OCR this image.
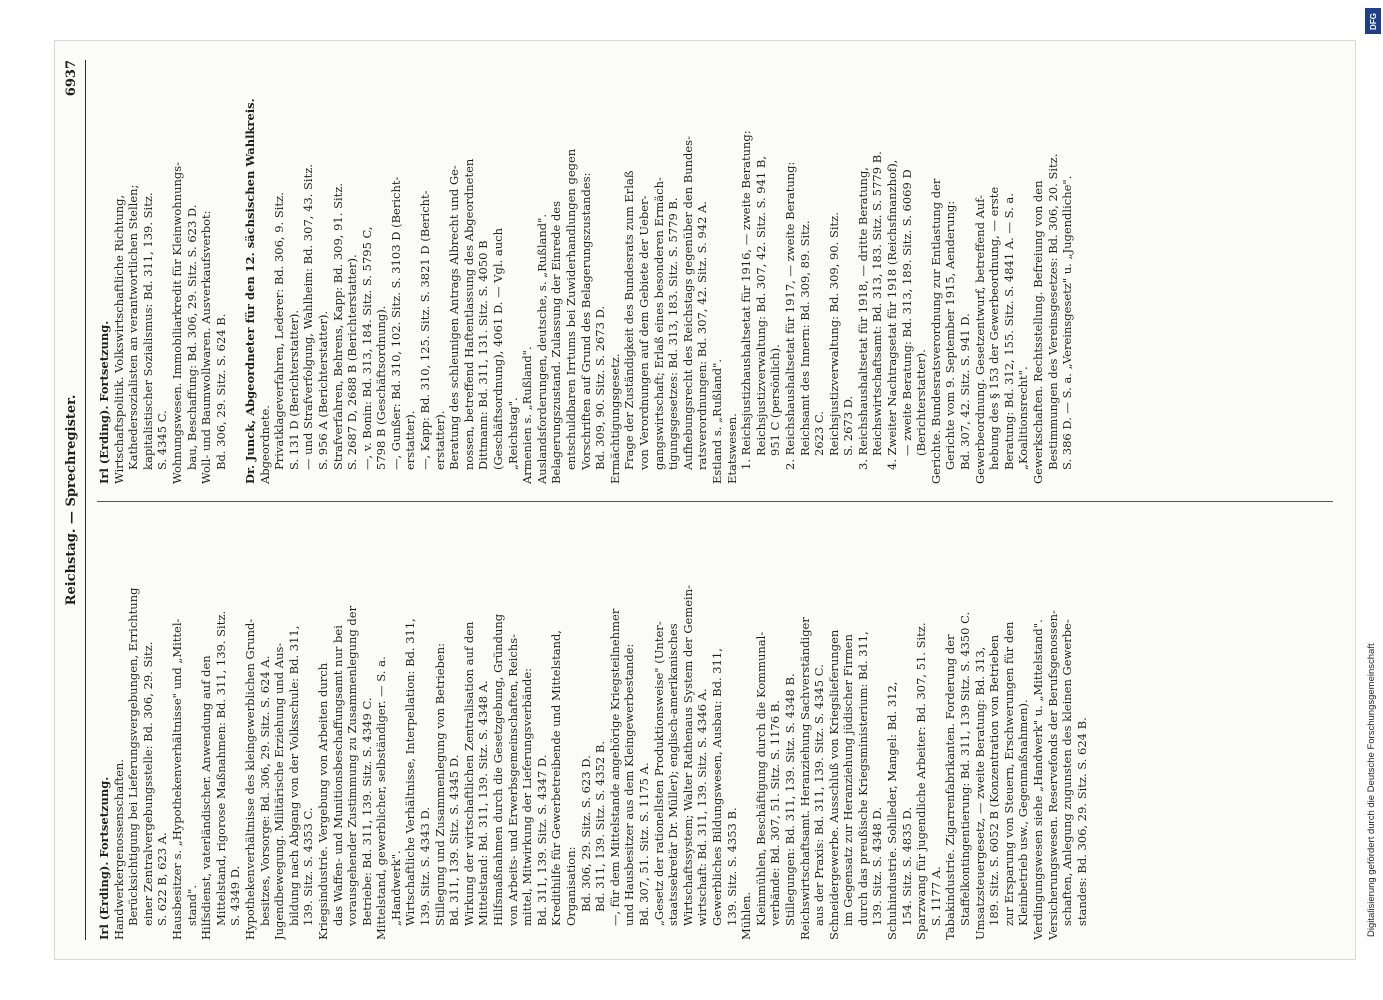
Reichstag. — Sprechregister.
6937
Irl (Erding). Fortsetzung. Handwerkergenossenschaften. Berücksichtigung bei Lieferungsvergebungen, Errichtung einer Zentralvergebungsstelle: Bd. 306, 29. Sitz. S. 622 B, 623 A. Hausbesitzer s. „Hypothekenverhältnisse" und „Mittel- stand". Hilfsdienst, vaterländischer. Anwendung auf den Mittelstand, rigorose Maßnahmen: Bd. 311, 139. Sitz. S. 4349 D. Hypothekenverhältnisse des kleingewerblichen Grund- besitzes, Vorsorge: Bd. 306, 29. Sitz. S. 624 A. Jugendbewegung. Militärische Erziehung und Aus- bildung nach Abgang von der Volksschule: Bd. 311, 139. Sitz. S. 4353 C. Kriegsindustrie. Vergebung von Arbeiten durch das Waffen- und Munitionsbeschaffungsamt nur bei vorausgehender Zustimmung zu Zusammenlegung der Betriebe: Bd. 311, 139. Sitz. S. 4349 C. Mittelstand, gewerblicher, selbständiger. — S. a. „Handwerk". Wirtschaftliche Verhältnisse, Interpellation: Bd. 311, 139. Sitz. S. 4343 D. Stillegung und Zusammenlegung von Betrieben: Bd. 311, 139. Sitz. S. 4345 D. Wirkung der wirtschaftlichen Zentralisation auf den Mittelstand: Bd. 311, 139. Sitz. S. 4348 A. Hilfsmaßnahmen durch die Gesetzgebung, Gründung von Arbeits- und Erwerbsgemeinschaften, Reichs- mittel, Mitwirkung der Lieferungsverbände: Bd. 311, 139. Sitz. S. 4347 D. Kredithilfe für Gewerbetreibende und Mittelstand, Organisation: Bd. 306, 29. Sitz. S. 623 D. Bd. 311, 139. Sitz. S. 4352 B. —, für dem Mittelstande angehörige Kriegsteilnehmer und Hausbesitzer aus dem Kleingewerbestande: Bd. 307, 51. Sitz. S. 1175 A. „Gesetz der rationellsten Produktionsweise" (Unter- staatssekretär Dr. Müller); englisch-amerikanisches Wirtschaftssystem; Walter Rathenaus System der Gemein- wirtschaft: Bd. 311, 139. Sitz. S. 4346 A. Gewerbliches Bildungswesen, Ausbau: Bd. 311, 139. Sitz. S. 4353 B. Mühlen. Kleinmühlen, Beschäftigung durch die Kommunal- verbände: Bd. 307, 51. Sitz. S. 1176 B. Stillegungen: Bd. 311, 139. Sitz. S. 4348 B. Reichswirtschaftsamt. Heranziehung Sachverständiger aus der Praxis: Bd. 311, 139. Sitz. S. 4345 C. Schneidergewerbe. Ausschluß von Kriegslieferungen im Gegensatz zur Heranziehung jüdischer Firmen durch das preußische Kriegsministerium: Bd. 311, 139. Sitz. S. 4348 D. Schuhindustrie. Sohlleder, Mangel: Bd. 312, 154. Sitz. S. 4835 D. Sparzwang für jugendliche Arbeiter: Bd. 307, 51. Sitz. S. 1177 A. Tabakindustrie. Zigarrenfabrikanten. Forderung der Staffelkontingentierung: Bd. 311, 139 Sitz. S. 4350 C. Umsatzsteuergesetz, — zweite Beratung: Bd. 313, 189. Sitz. S. 6052 B (Konzentration von Betrieben zur Ersparung von Steuern, Erschwerungen für den Kleinbetrieb usw., Gegenmaßnahmen). Verdingungswesen siehe „Handwerk" u. „Mittelstand". Versicherungswesen. Reservefonds der Berufsgenossen- schaften, Anlegung zugunsten des kleinen Gewerbe- standes: Bd. 306, 29. Sitz. S. 624 B.
Irl (Erding). Fortsetzung. Wirtschaftspolitik. Volkswirtschaftliche Richtung, Kathedersozialisten an verantwortlichen Stellen; kapitalistischer Sozialismus: Bd. 311, 139. Sitz. S. 4345 C. Wohnungswesen. Immobiliarkredit für Kleinwohnungs- bau, Beschaffung: Bd. 306, 29. Sitz. S. 623 D. Woll- und Baumwollwaren. Ausverkaufsverbot: Bd. 306, 29. Sitz. S. 624 B.
Dr. Junck, Abgeordneter für den 12. sächsischen Wahlkreis. Abgeordnete. Privatklageverfahren, Lederer: Bd. 306, 9. Sitz. S. 131 D (Berichterstatter). — und Strafverfolgung, Wahlheim: Bd. 307, 43. Sitz. S. 956 A (Berichterstatter). Strafverfahren, Behrens, Kapp: Bd. 309, 91. Sitz. S. 2687 D, 2688 B (Berichterstatter). —, v. Bonin: Bd. 313, 184. Sitz. S. 5795 C, 5798 B (Geschäftsordnung). —, Gunßer: Bd. 310, 102. Sitz. S. 3103 D (Bericht- erstatter). —, Kapp: Bd. 310, 125. Sitz. S. 3821 D (Bericht- erstatter). Beratung des schleunigen Antrags Albrecht und Ge- nossen, betreffend Haftentlassung des Abgeordneten Dittmann: Bd. 311, 131. Sitz. S. 4050 B (Geschäftsordnung), 4061 D. — Vgl. auch „Reichstag". Armenien s. „Rußland". Auslandsforderungen, deutsche, s. „Rußland". Belagerungszustand. Zulassung der Einrede des entschuldbaren Irrtums bei Zuwiderhandlungen gegen Vorschriften auf Grund des Belagerungszustandes: Bd. 309, 90. Sitz. S. 2673 D. Ermächtigungsgesetz. Frage der Zuständigkeit des Bundesrats zum Erlaß von Verordnungen auf dem Gebiete der Ueber- gangswirtschaft; Erlaß eines besonderen Ermäch- tigungsgesetzes: Bd. 313, 183. Sitz. S. 5779 B. Aufhebungsrecht des Reichstags gegenüber den Bundes- ratsverordnungen: Bd. 307, 42. Sitz. S. 942 A. Estland s. „Rußland". Etatswesen. 1. Reichsjustizhaushaltsetat für 1916, — zweite Beratung: Reichsjustizverwaltung: Bd. 307, 42. Sitz. S. 941 B, 951 C (persönlich). 2. Reichshaushaltsetat für 1917, — zweite Beratung: Reichsamt des Innern: Bd. 309, 89. Sitz. 2623 C. Reichsjustizverwaltung: Bd. 309, 90. Sitz. S. 2673 D. 3. Reichshaushaltsetat für 1918, — dritte Beratung, Reichswirtschaftsamt: Bd. 313, 183. Sitz. S. 5779 B. 4. Zweiter Nachtragsetat für 1918 (Reichsfinanzhof), — zweite Beratung: Bd. 313, 189. Sitz. S. 6069 D (Berichterstatter). Gerichte. Bundesratsverordnung zur Entlastung der Gerichte vom 9. September 1915, Aenderung: Bd. 307, 42. Sitz. S. 941 D. Gewerbeordnung. Gesetzentwurf, betreffend Auf- hebung des § 153 der Gewerbeordnung, — erste Beratung: Bd. 312, 155. Sitz. S. 4841 A. — S. a. „Koalitionsrecht". Gewerkschaften. Rechtsstellung. Befreiung von den Bestimmungen des Vereinsgesetzes: Bd. 306, 20. Sitz. S. 386 D. — S. a. „Vereinsgesetz" u. „Jugendliche".
Digitalisierung gefördert durch die Deutsche Forschungsgemeinschaft
DFG
